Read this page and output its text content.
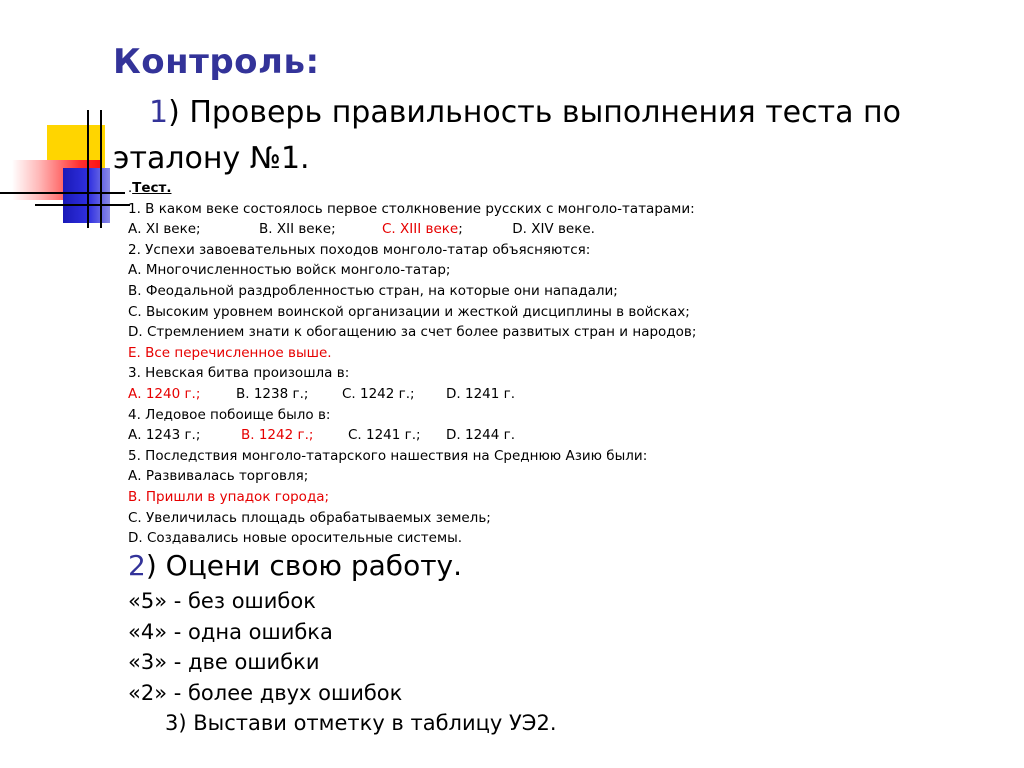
Контроль:

1) Проверь правильность выполнения теста по эталону №1.

.Тест.
1. В каком веке состоялось первое столкновение русских с монголо-татарами:
А. XI веке;	В. XII веке;	С. XIII веке;	D. XIV веке.
2. Успехи завоевательных походов монголо-татар объясняются:
А. Многочисленностью войск монголо-татар;
В. Феодальной раздробленностью стран, на которые они нападали;
С. Высоким уровнем воинской организации и жесткой дисциплины в войсках;
D. Стремлением знати к обогащению за счет более развитых стран и народов;
Е. Все перечисленное выше.
3. Невская битва произошла в:
А. 1240 г.;	В. 1238 г.; С. 1242 г.; D. 1241 г.
4. Ледовое побоище было в:
А. 1243 г.;	В. 1242 г.;	С. 1241 г.; D. 1244 г.
5. Последствия монголо-татарского нашествия на Среднюю Азию были:
А. Развивалась торговля;
В. Пришли в упадок города;
С. Увеличилась площадь обрабатываемых земель;
D. Создавались новые оросительные системы.

2) Оцени свою работу.

«5» - без ошибок
«4» - одна ошибка
«3» - две ошибки
«2» - более двух ошибок
3) Выстави отметку в таблицу УЭ2.
